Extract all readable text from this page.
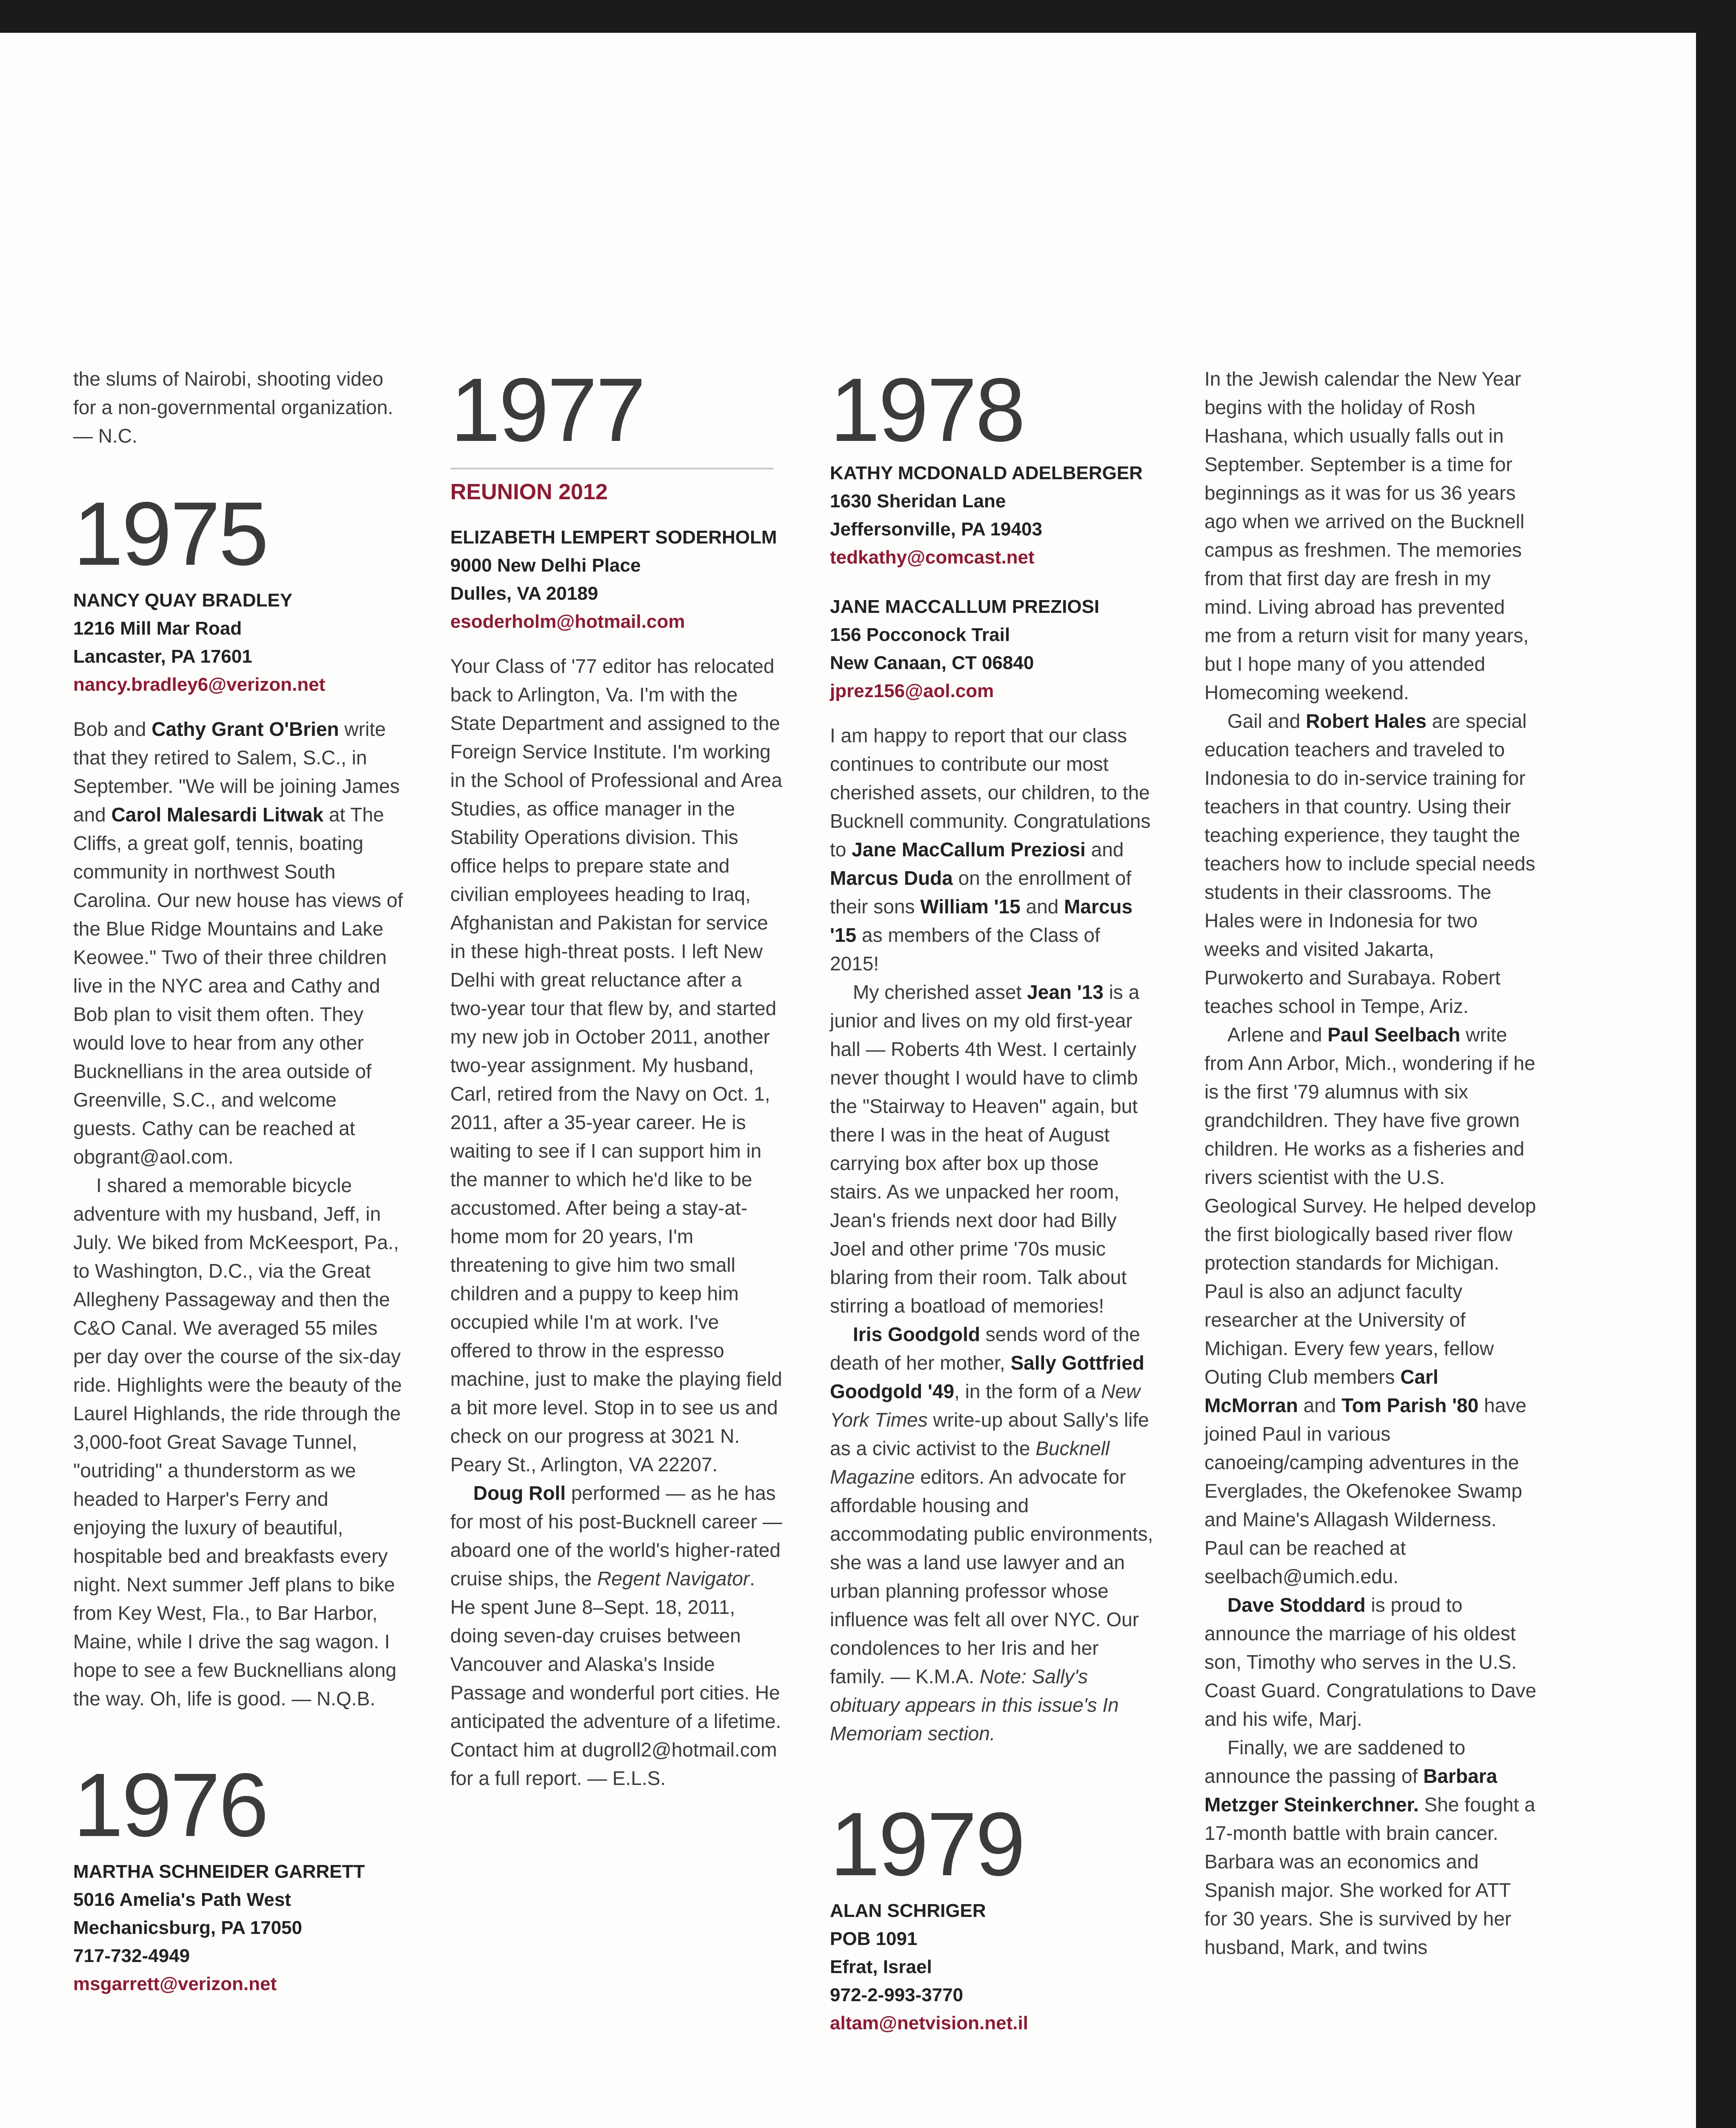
the slums of Nairobi, shooting video for a non-governmental organization. — N.C.

1975
NANCY QUAY BRADLEY
1216 Mill Mar Road
Lancaster, PA 17601
nancy.bradley6@verizon.net

Bob and Cathy Grant O'Brien write that they retired to Salem, S.C., in September. "We will be joining James and Carol Malesardi Litwak at The Cliffs, a great golf, tennis, boating community in northwest South Carolina. Our new house has views of the Blue Ridge Mountains and Lake Keowee." Two of their three children live in the NYC area and Cathy and Bob plan to visit them often. They would love to hear from any other Bucknellians in the area outside of Greenville, S.C., and welcome guests. Cathy can be reached at obgrant@aol.com.

I shared a memorable bicycle adventure with my husband, Jeff, in July. We biked from McKeesport, Pa., to Washington, D.C., via the Great Allegheny Passageway and then the C&O Canal. We averaged 55 miles per day over the course of the six-day ride. Highlights were the beauty of the Laurel Highlands, the ride through the 3,000-foot Great Savage Tunnel, "outriding" a thunderstorm as we headed to Harper's Ferry and enjoying the luxury of beautiful, hospitable bed and breakfasts every night. Next summer Jeff plans to bike from Key West, Fla., to Bar Harbor, Maine, while I drive the sag wagon. I hope to see a few Bucknellians along the way. Oh, life is good. — N.Q.B.

1976
MARTHA SCHNEIDER GARRETT
5016 Amelia's Path West
Mechanicsburg, PA 17050
717-732-4949
msgarrett@verizon.net
1977
REUNION 2012
ELIZABETH LEMPERT SODERHOLM
9000 New Delhi Place
Dulles, VA 20189
esoderholm@hotmail.com

Your Class of '77 editor has relocated back to Arlington, Va. I'm with the State Department and assigned to the Foreign Service Institute. I'm working in the School of Professional and Area Studies, as office manager in the Stability Operations division. This office helps to prepare state and civilian employees heading to Iraq, Afghanistan and Pakistan for service in these high-threat posts. I left New Delhi with great reluctance after a two-year tour that flew by, and started my new job in October 2011, another two-year assignment. My husband, Carl, retired from the Navy on Oct. 1, 2011, after a 35-year career. He is waiting to see if I can support him in the manner to which he'd like to be accustomed. After being a stay-at-home mom for 20 years, I'm threatening to give him two small children and a puppy to keep him occupied while I'm at work. I've offered to throw in the espresso machine, just to make the playing field a bit more level. Stop in to see us and check on our progress at 3021 N. Peary St., Arlington, VA 22207.

Doug Roll performed — as he has for most of his post-Bucknell career — aboard one of the world's higher-rated cruise ships, the Regent Navigator. He spent June 8–Sept. 18, 2011, doing seven-day cruises between Vancouver and Alaska's Inside Passage and wonderful port cities. He anticipated the adventure of a lifetime. Contact him at dugroll2@hotmail.com for a full report. — E.L.S.

1978
KATHY MCDONALD ADELBERGER
1630 Sheridan Lane
Jeffersonville, PA 19403
tedkathy@comcast.net
JANE MACCALLUM PREZIOSI
156 Pocconock Trail
New Canaan, CT 06840
jprez156@aol.com

I am happy to report that our class continues to contribute our most cherished assets, our children, to the Bucknell community. Congratulations to Jane MacCallum Preziosi and Marcus Duda on the enrollment of their sons William '15 and Marcus '15 as members of the Class of 2015!

My cherished asset Jean '13 is a junior and lives on my old first-year hall — Roberts 4th West. I certainly never thought I would have to climb the "Stairway to Heaven" again, but there I was in the heat of August carrying box after box up those stairs. As we unpacked her room, Jean's friends next door had Billy Joel and other prime '70s music blaring from their room. Talk about stirring a boatload of memories!

Iris Goodgold sends word of the death of her mother, Sally Gottfried Goodgold '49, in the form of a New York Times write-up about Sally's life as a civic activist to the Bucknell Magazine editors. An advocate for affordable housing and accommodating public environments, she was a land use lawyer and an urban planning professor whose influence was felt all over NYC. Our condolences to her Iris and her family. — K.M.A. Note: Sally's obituary appears in this issue's In Memoriam section.

1979
ALAN SCHRIGER
POB 1091
Efrat, Israel
972-2-993-3770
altam@netvision.net.il

In the Jewish calendar the New Year begins with the holiday of Rosh Hashana, which usually falls out in September. September is a time for beginnings as it was for us 36 years ago when we arrived on the Bucknell campus as freshmen. The memories from that first day are fresh in my mind. Living abroad has prevented me from a return visit for many years, but I hope many of you attended Homecoming weekend.

Gail and Robert Hales are special education teachers and traveled to Indonesia to do in-service training for teachers in that country. Using their teaching experience, they taught the teachers how to include special needs students in their classrooms. The Hales were in Indonesia for two weeks and visited Jakarta, Purwokerto and Surabaya. Robert teaches school in Tempe, Ariz.

Arlene and Paul Seelbach write from Ann Arbor, Mich., wondering if he is the first '79 alumnus with six grandchildren. They have five grown children. He works as a fisheries and rivers scientist with the U.S. Geological Survey. He helped develop the first biologically based river flow protection standards for Michigan. Paul is also an adjunct faculty researcher at the University of Michigan. Every few years, fellow Outing Club members Carl McMorran and Tom Parish '80 have joined Paul in various canoeing/camping adventures in the Everglades, the Okefenokee Swamp and Maine's Allagash Wilderness. Paul can be reached at seelbach@umich.edu.

Dave Stoddard is proud to announce the marriage of his oldest son, Timothy who serves in the U.S. Coast Guard. Congratulations to Dave and his wife, Marj.

Finally, we are saddened to announce the passing of Barbara Metzger Steinkerchner. She fought a 17-month battle with brain cancer. Barbara was an economics and Spanish major. She worked for ATT for 30 years. She is survived by her husband, Mark, and twins
